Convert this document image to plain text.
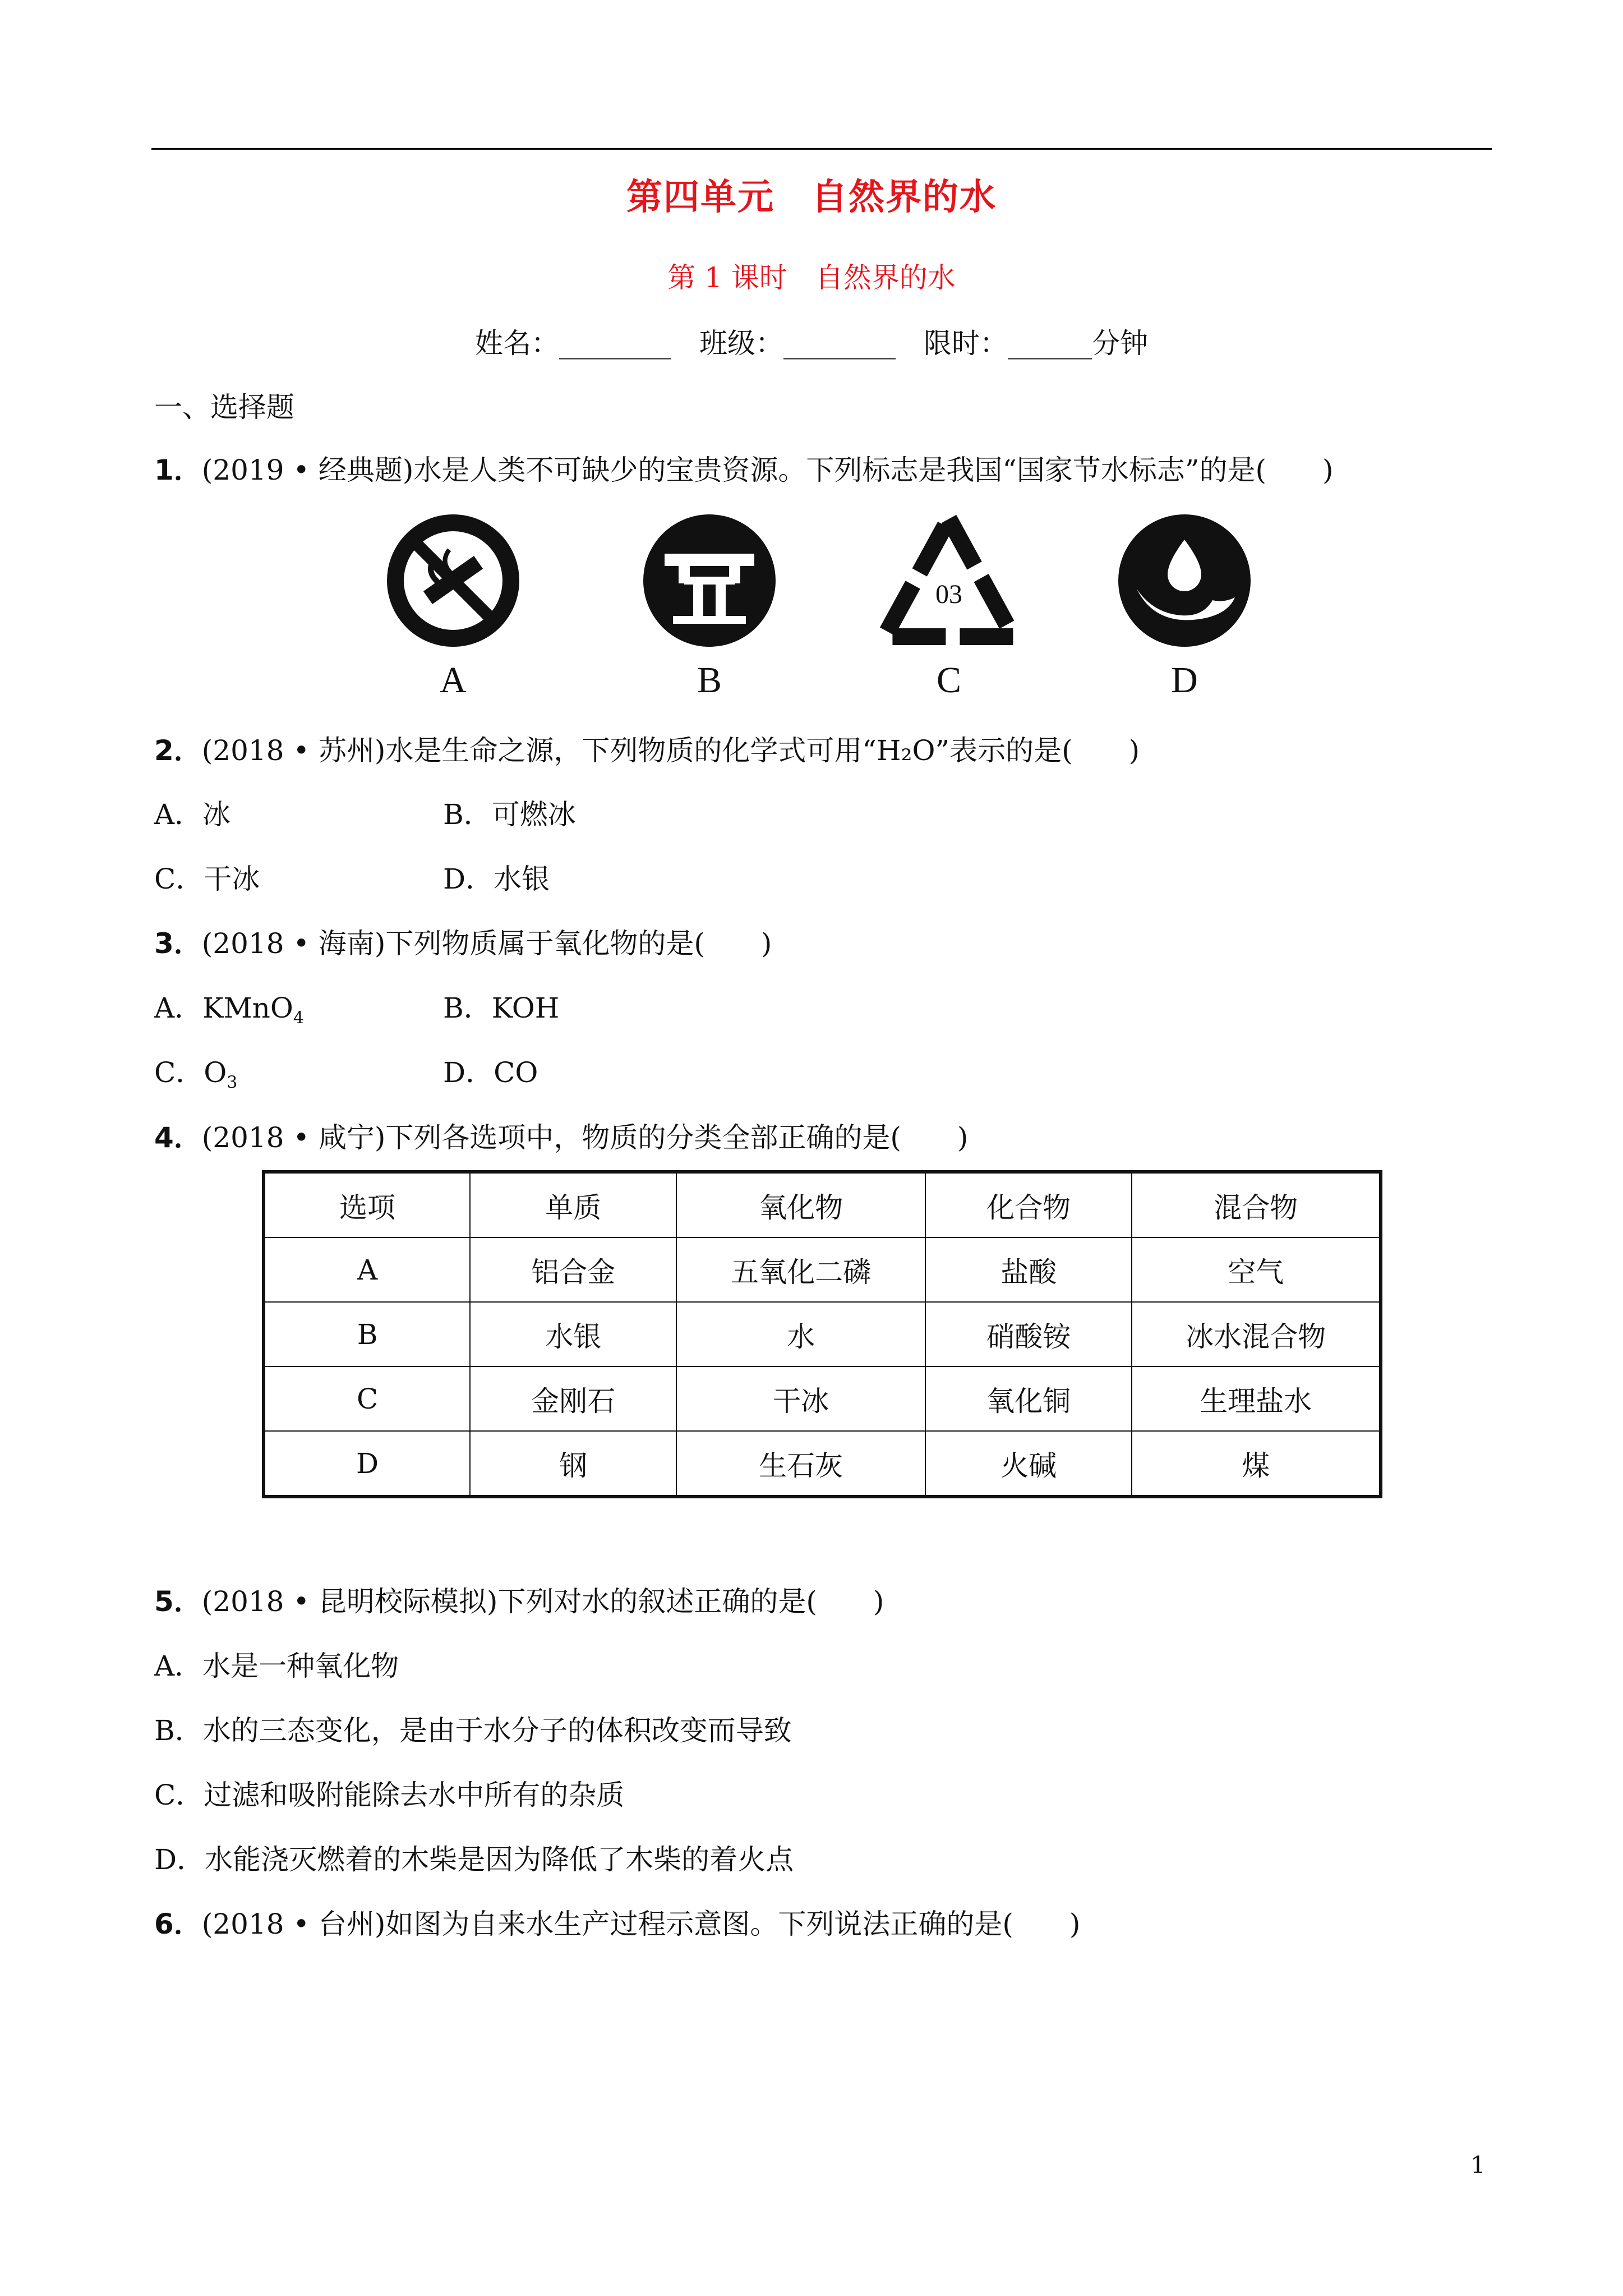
第四单元　自然界的水
第 1 课时　自然界的水
姓名：________　班级：________　限时：______分钟
一、选择题
1．(2019 • 经典题)水是人类不可缺少的宝贵资源。下列标志是我国“国家节水标志”的是(　　)
03
A	B	C	D
2．(2018 • 苏州)水是生命之源，下列物质的化学式可用“H₂O”表示的是(　　)
A．冰	B．可燃冰
C．干冰	D．水银
3．(2018 • 海南)下列物质属于氧化物的是(　　)
A．KMnO$_4$	B．KOH
C．$O_3$	D．CO
4．(2018 • 咸宁)下列各选项中，物质的分类全部正确的是(　　)
选项	单质	氧化物	化合物	混合物
A	铝合金	五氧化二磷	盐酸	空气
B	水银	水	硝酸铵	冰水混合物
C	金刚石	干冰	氧化铜	生理盐水
D	钢	生石灰	火碱	煤
5．(2018 • 昆明校际模拟)下列对水的叙述正确的是(　　)
A．水是一种氧化物
B．水的三态变化，是由于水分子的体积改变而导致
C．过滤和吸附能除去水中所有的杂质
D．水能浇灭燃着的木柴是因为降低了木柴的着火点
6．(2018 • 台州)如图为自来水生产过程示意图。下列说法正确的是(　　)
1
